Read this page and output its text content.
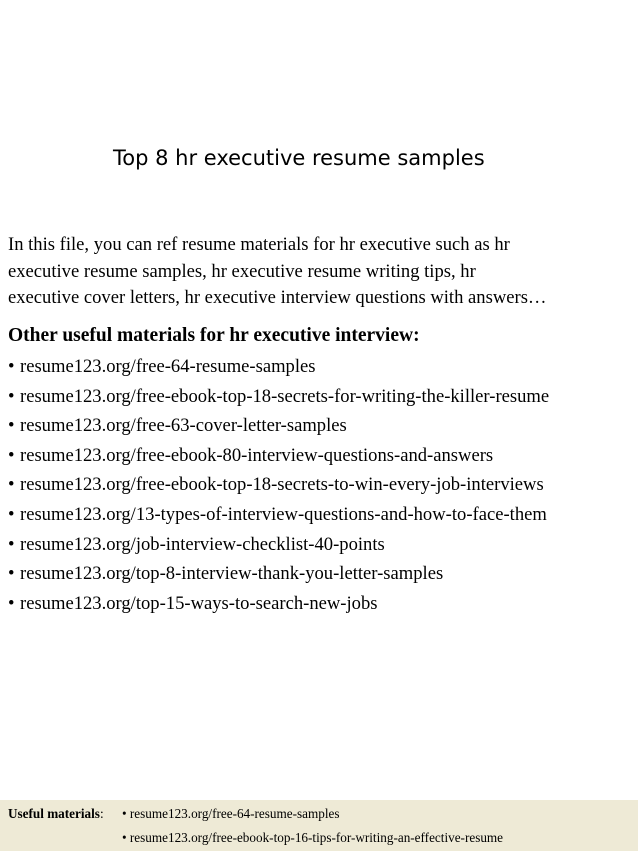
Top 8 hr executive resume samples
In this file, you can ref resume materials for hr executive such as hr
executive resume samples, hr executive resume writing tips, hr
executive cover letters, hr executive interview questions with answers…
Other useful materials for hr executive interview:
• resume123.org/free-64-resume-samples
• resume123.org/free-ebook-top-18-secrets-for-writing-the-killer-resume
• resume123.org/free-63-cover-letter-samples
• resume123.org/free-ebook-80-interview-questions-and-answers
• resume123.org/free-ebook-top-18-secrets-to-win-every-job-interviews
• resume123.org/13-types-of-interview-questions-and-how-to-face-them
• resume123.org/job-interview-checklist-40-points
• resume123.org/top-8-interview-thank-you-letter-samples
• resume123.org/top-15-ways-to-search-new-jobs
Useful materials: • resume123.org/free-64-resume-samples
• resume123.org/free-ebook-top-16-tips-for-writing-an-effective-resume
